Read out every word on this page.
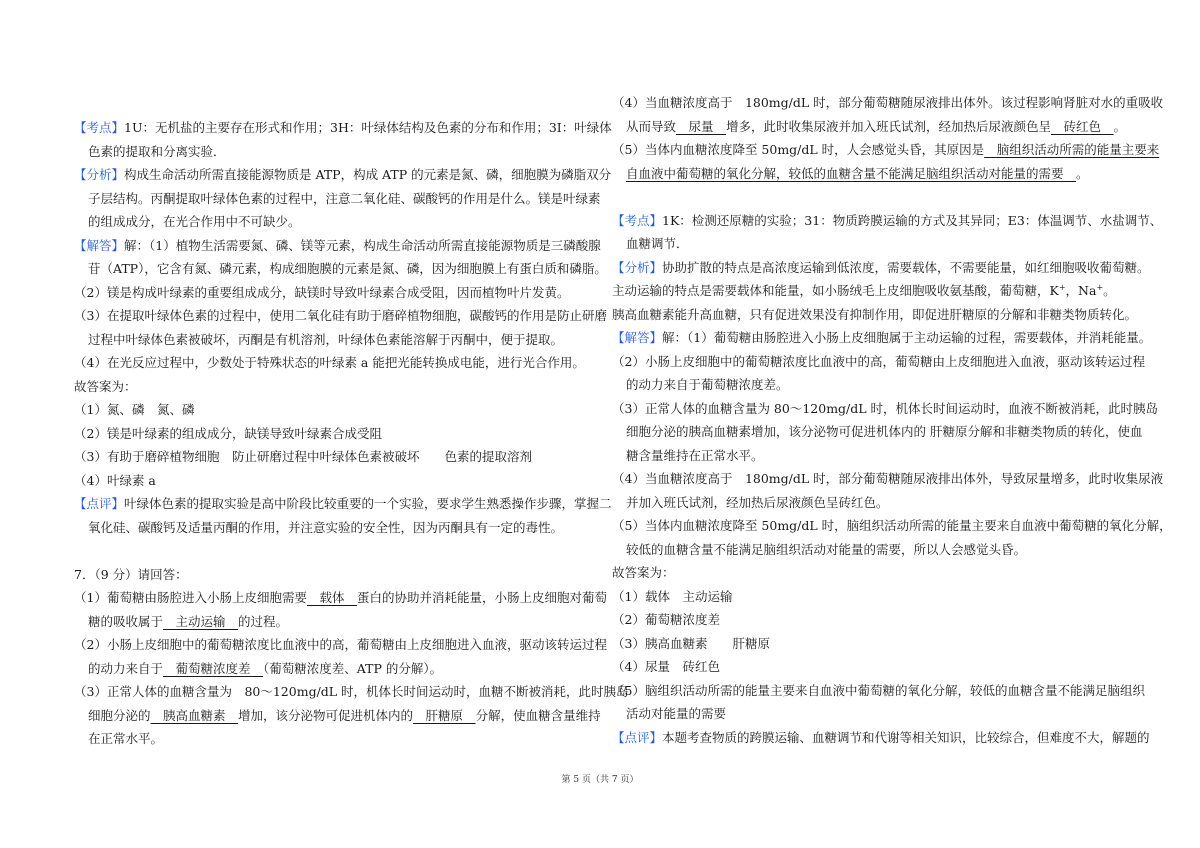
【考点】1U：无机盐的主要存在形式和作用；3H：叶绿体结构及色素的分布和作用；3I：叶绿体
色素的提取和分离实验．
【分析】构成生命活动所需直接能源物质是 ATP，构成 ATP 的元素是氮、磷，细胞膜为磷脂双分
子层结构。丙酮提取叶绿体色素的过程中，注意二氧化硅、碳酸钙的作用是什么。镁是叶绿素
的组成成分，在光合作用中不可缺少。
【解答】解：（1）植物生活需要氮、磷、镁等元素，构成生命活动所需直接能源物质是三磷酸腺
苷（ATP），它含有氮、磷元素，构成细胞膜的元素是氮、磷，因为细胞膜上有蛋白质和磷脂。
（2）镁是构成叶绿素的重要组成成分，缺镁时导致叶绿素合成受阻，因而植物叶片发黄。
（3）在提取叶绿体色素的过程中，使用二氧化硅有助于磨碎植物细胞，碳酸钙的作用是防止研磨
过程中叶绿体色素被破坏，丙酮是有机溶剂，叶绿体色素能溶解于丙酮中，便于提取。
（4）在光反应过程中，少数处于特殊状态的叶绿素 a 能把光能转换成电能，进行光合作用。
故答案为：
（1）氮、磷　氮、磷
（2）镁是叶绿素的组成成分，缺镁导致叶绿素合成受阻
（3）有助于磨碎植物细胞　防止研磨过程中叶绿体色素被破坏　　色素的提取溶剂
（4）叶绿素 a
【点评】叶绿体色素的提取实验是高中阶段比较重要的一个实验，要求学生熟悉操作步骤，掌握二
氧化硅、碳酸钙及适量丙酮的作用，并注意实验的安全性，因为丙酮具有一定的毒性。
7．（9 分）请回答：
（1）葡萄糖由肠腔进入小肠上皮细胞需要　载体　蛋白的协助并消耗能量，小肠上皮细胞对葡萄
糖的吸收属于　主动运输　的过程。
（2）小肠上皮细胞中的葡萄糖浓度比血液中的高，葡萄糖由上皮细胞进入血液，驱动该转运过程
的动力来自于　葡萄糖浓度差　（葡萄糖浓度差、ATP 的分解）。
（3）正常人体的血糖含量为　80～120mg/dL 时，机体长时间运动时，血糖不断被消耗，此时胰岛
细胞分泌的　胰高血糖素　增加，该分泌物可促进机体内的　肝糖原　分解，使血糖含量维持
在正常水平。
（4）当血糖浓度高于　180mg/dL 时，部分葡萄糖随尿液排出体外。该过程影响肾脏对水的重吸收
从而导致　尿量　增多，此时收集尿液并加入班氏试剂，经加热后尿液颜色呈　砖红色　。
（5）当体内血糖浓度降至 50mg/dL 时，人会感觉头昏，其原因是　脑组织活动所需的能量主要来
自血液中葡萄糖的氧化分解，较低的血糖含量不能满足脑组织活动对能量的需要　。
【考点】1K：检测还原糖的实验；31：物质跨膜运输的方式及其异同；E3：体温调节、水盐调节、
血糖调节．
【分析】协助扩散的特点是高浓度运输到低浓度，需要载体，不需要能量，如红细胞吸收葡萄糖。
主动运输的特点是需要载体和能量，如小肠绒毛上皮细胞吸收氨基酸，葡萄糖，K+，Na+。
胰高血糖素能升高血糖，只有促进效果没有抑制作用，即促进肝糖原的分解和非糖类物质转化。
【解答】解：（1）葡萄糖由肠腔进入小肠上皮细胞属于主动运输的过程，需要载体，并消耗能量。
（2）小肠上皮细胞中的葡萄糖浓度比血液中的高，葡萄糖由上皮细胞进入血液，驱动该转运过程
的动力来自于葡萄糖浓度差。
（3）正常人体的血糖含量为 80～120mg/dL 时，机体长时间运动时，血液不断被消耗，此时胰岛
细胞分泌的胰高血糖素增加，该分泌物可促进机体内的 肝糖原分解和非糖类物质的转化，使血
糖含量维持在正常水平。
（4）当血糖浓度高于　180mg/dL 时，部分葡萄糖随尿液排出体外，导致尿量增多，此时收集尿液
并加入班氏试剂，经加热后尿液颜色呈砖红色。
（5）当体内血糖浓度降至 50mg/dL 时，脑组织活动所需的能量主要来自血液中葡萄糖的氧化分解，
较低的血糖含量不能满足脑组织活动对能量的需要，所以人会感觉头昏。
故答案为：
（1）载体　主动运输
（2）葡萄糖浓度差
（3）胰高血糖素　　肝糖原
（4）尿量　砖红色
（5）脑组织活动所需的能量主要来自血液中葡萄糖的氧化分解，较低的血糖含量不能满足脑组织
活动对能量的需要
【点评】本题考查物质的跨膜运输、血糖调节和代谢等相关知识，比较综合，但难度不大，解题的
第 5 页（共 7 页）
